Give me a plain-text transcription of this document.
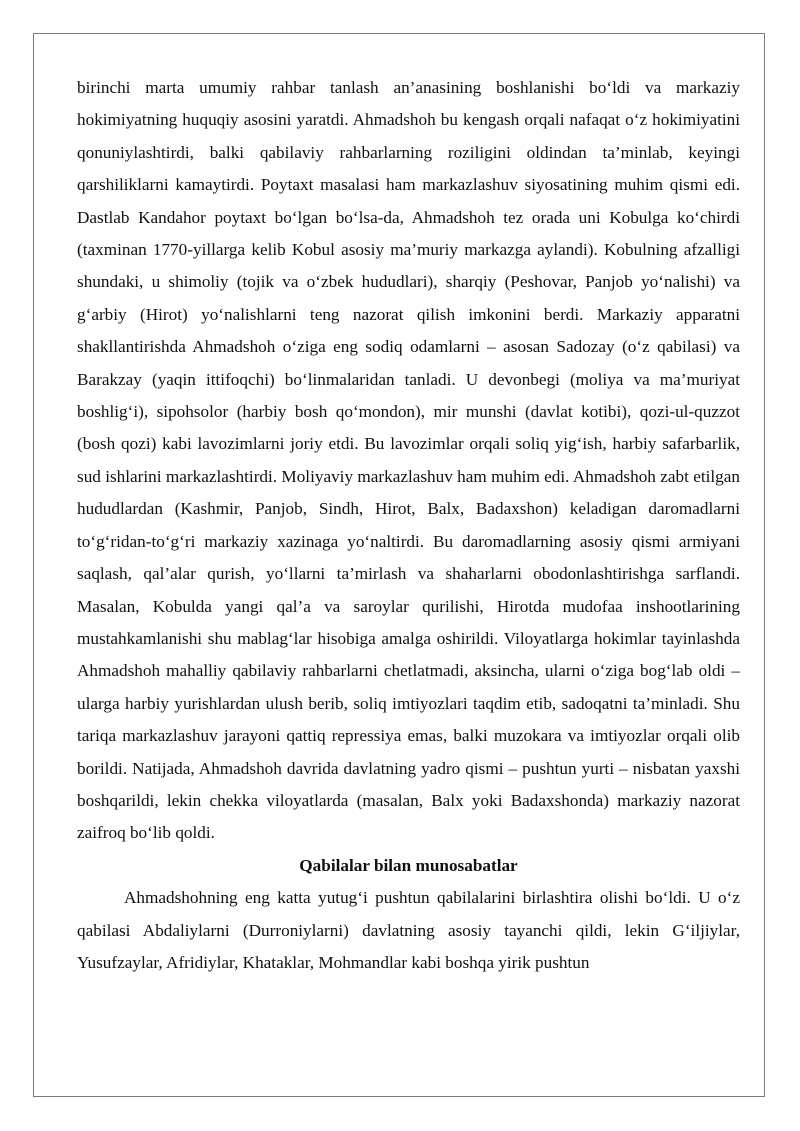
birinchi marta umumiy rahbar tanlash an’anasining boshlanishi bo‘ldi va markaziy hokimiyatning huquqiy asosini yaratdi. Ahmadshoh bu kengash orqali nafaqat o‘z hokimiyatini qonuniylashtirdi, balki qabilaviy rahbarlarning roziligini oldindan ta’minlab, keyingi qarshiliklarni kamaytirdi. Poytaxt masalasi ham markazlashuv siyosatining muhim qismi edi. Dastlab Kandahor poytaxt bo‘lgan bo‘lsa-da, Ahmadshoh tez orada uni Kobulga ko‘chirdi (taxminan 1770-yillarga kelib Kobul asosiy ma’muriy markazga aylandi). Kobulning afzalligi shundaki, u shimoliy (tojik va o‘zbek hududlari), sharqiy (Peshovar, Panjob yo‘nalishi) va g‘arbiy (Hirot) yo‘nalishlarni teng nazorat qilish imkonini berdi. Markaziy apparatni shakllantirishda Ahmadshoh o‘ziga eng sodiq odamlarni – asosan Sadozay (o‘z qabilasi) va Barakzay (yaqin ittifoqchi) bo‘linmalaridan tanladi. U devonbegi (moliya va ma’muriyat boshlig‘i), sipohsolor (harbiy bosh qo‘mondon), mir munshi (davlat kotibi), qozi-ul-quzzot (bosh qozi) kabi lavozimlarni joriy etdi. Bu lavozimlar orqali soliq yig‘ish, harbiy safarbarlik, sud ishlarini markazlashtirdi. Moliyaviy markazlashuv ham muhim edi. Ahmadshoh zabt etilgan hududlardan (Kashmir, Panjob, Sindh, Hirot, Balx, Badaxshon) keladigan daromadlarni to‘g‘ridan-to‘g‘ri markaziy xazinaga yo‘naltirdi. Bu daromadlarning asosiy qismi armiyani saqlash, qal’alar qurish, yo‘llarni ta’mirlash va shaharlarni obodonlashtirishga sarflandi. Masalan, Kobulda yangi qal’a va saroylar qurilishi, Hirotda mudofaa inshootlarining mustahkamlanishi shu mablag‘lar hisobiga amalga oshirildi. Viloyatlarga hokimlar tayinlashda Ahmadshoh mahalliy qabilaviy rahbarlarni chetlatmadi, aksincha, ularni o‘ziga bog‘lab oldi – ularga harbiy yurishlardan ulush berib, soliq imtiyozlari taqdim etib, sadoqatni ta’minladi. Shu tariqa markazlashuv jarayoni qattiq repressiya emas, balki muzokara va imtiyozlar orqali olib borildi. Natijada, Ahmadshoh davrida davlatning yadro qismi – pushtun yurti – nisbatan yaxshi boshqarildi, lekin chekka viloyatlarda (masalan, Balx yoki Badaxshonda) markaziy nazorat zaifroq bo‘lib qoldi.

Qabilalar bilan munosabatlar

Ahmadshohning eng katta yutug‘i pushtun qabilalarini birlashtira olishi bo‘ldi. U o‘z qabilasi Abdaliylarni (Durroniylarni) davlatning asosiy tayanchi qildi, lekin G‘iljiylar, Yusufzaylar, Afridiylar, Khataklar, Mohmandlar kabi boshqa yirik pushtun
